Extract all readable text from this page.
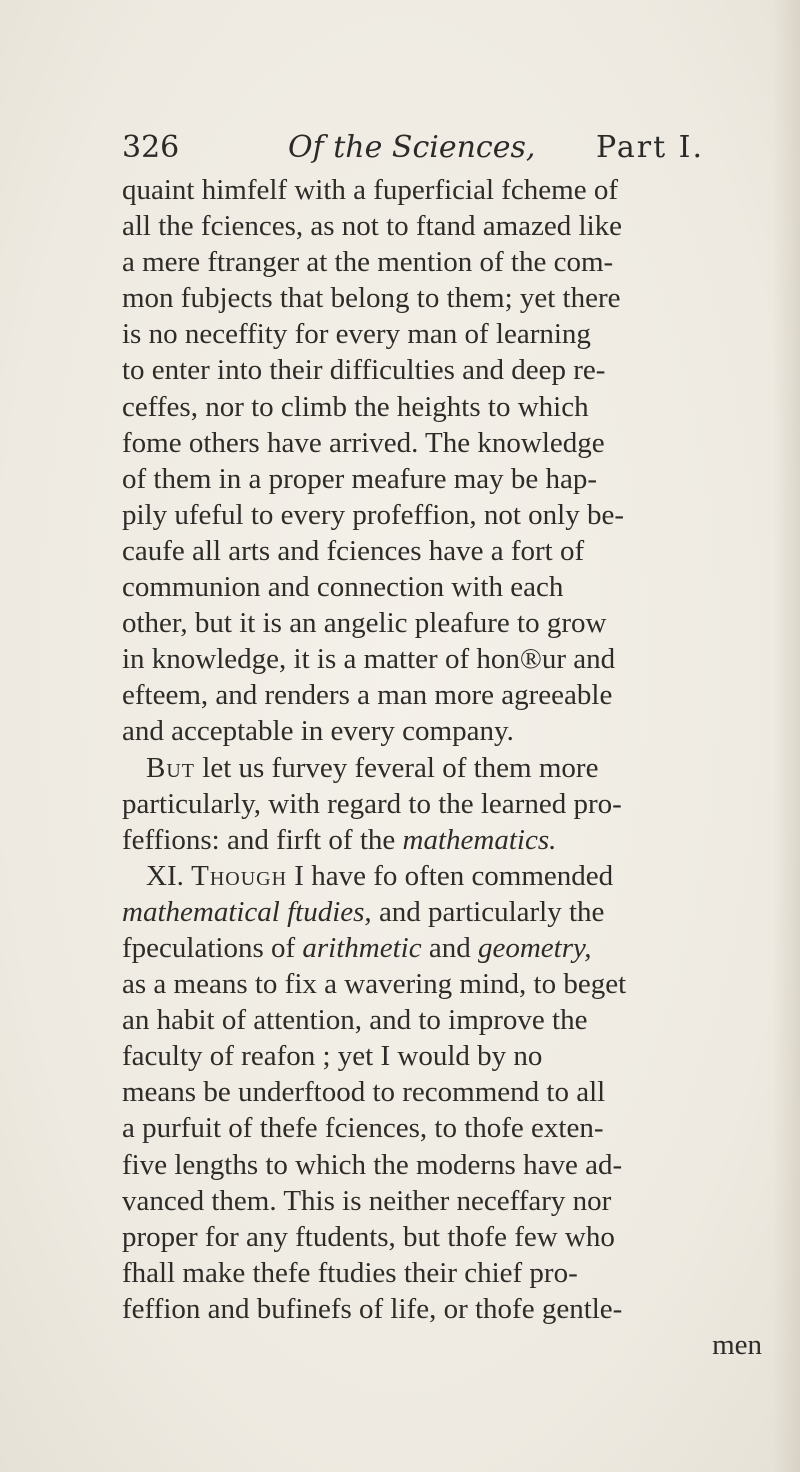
326	Of the Sciences, Part I.
quaint himfelf with a fuperficial fcheme of
all the fciences, as not to ftand amazed like
a mere ftranger at the mention of the com-
mon fubjects that belong to them; yet there
is no neceffity for every man of learning
to enter into their difficulties and deep re-
ceffes, nor to climb the heights to which
fome others have arrived. The knowledge
of them in a proper meafure may be hap-
pily ufeful to every profeffion, not only be-
caufe all arts and fciences have a fort of
communion and connection with each
other, but it is an angelic pleafure to grow
in knowledge, it is a matter of hon®ur and
efteem, and renders a man more agreeable
and acceptable in every company.
But let us furvey feveral of them more
particularly, with regard to the learned pro-
feffions: and firft of the mathematics.
XI. Though I have fo often commended
mathematical ftudies, and particularly the
fpeculations of arithmetic and geometry,
as a means to fix a wavering mind, to beget
an habit of attention, and to improve the
faculty of reafon ; yet I would by no
means be underftood to recommend to all
a purfuit of thefe fciences, to thofe exten-
five lengths to which the moderns have ad-
vanced them. This is neither neceffary nor
proper for any ftudents, but thofe few who
fhall make thefe ftudies their chief pro-
feffion and bufinefs of life, or thofe gentle-
men
